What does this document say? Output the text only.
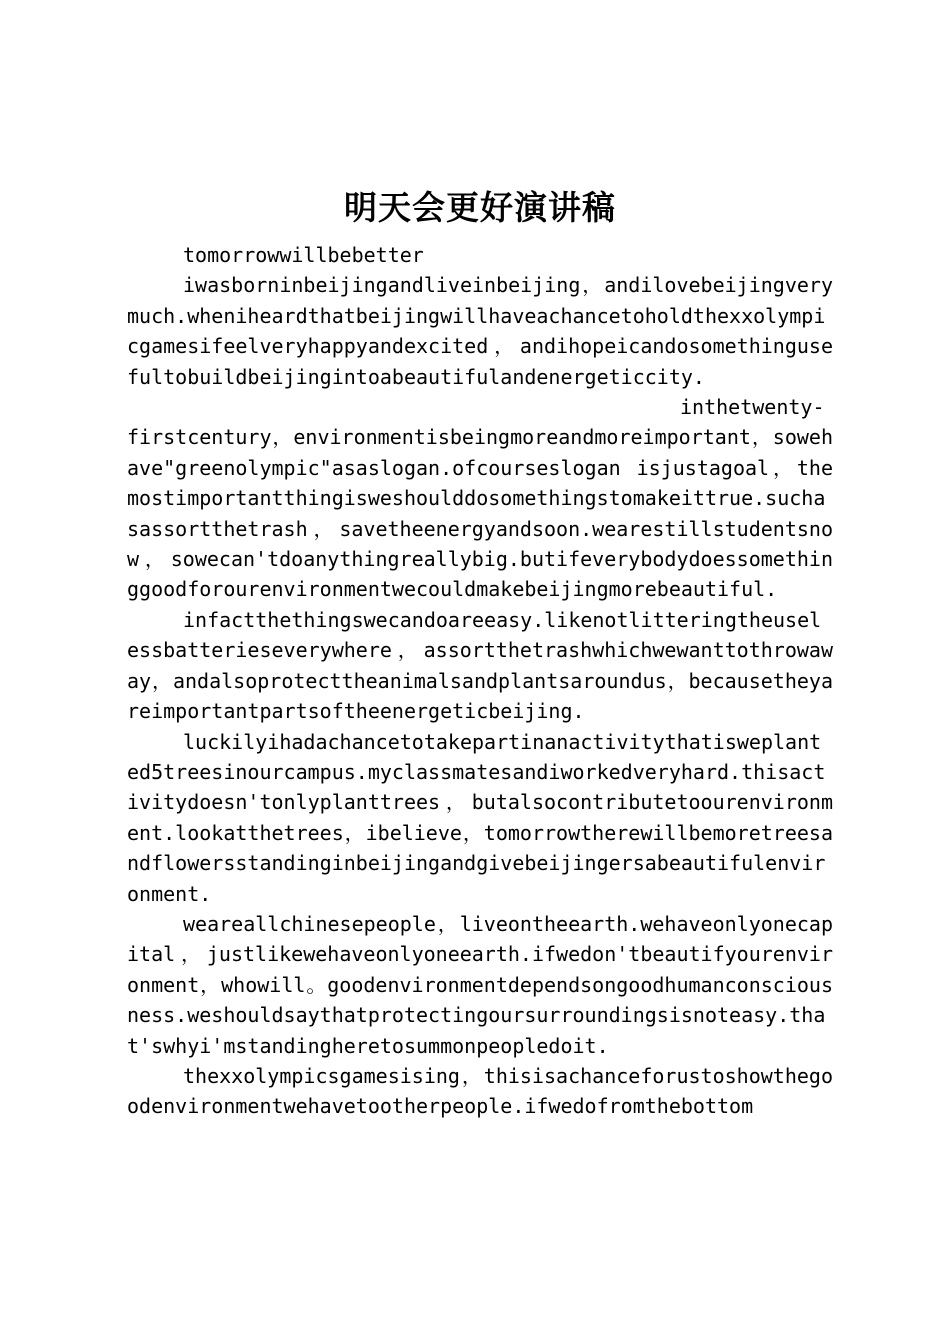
明天会更好演讲稿

tomorrowwillbebetter

iwasborninbeijingandliveinbeijing，andilovebeijingverymuch.wheniheardthatbeijingwillhaveachancetoholdthexxolympicgamesifeelveryhappyandexcited，andihopeicandosomethingusefultobuildbeijingintoabeautifulandenergeticcity.

inthetwenty-firstcentury，environmentisbeingmoreandmoreimportant，sowehave"greenolympic"asaslogan.ofcourseslogan isjustagoal，themostimportantthingisweshoulddosomethingstomakeittrue.suchasassortthetrash，savetheenergyandsoon.wearestillstudentsnow，sowecan'tdoanythingreallybig.butifeverybodydoessomethinggoodforourenvironmentwecouldmakebeijingmorebeautiful.

infactthethingswecandoareeasy.likenotlitteringtheuselessbatterieseverywhere，assortthetrashwhichwewanttothrowaway，andalsoprotecttheanimalsandplantsaroundus，becausetheyareimportantpartsoftheenergeticbeijing.

luckilyihadachancetotakepartinanactivitythatisweplanted5treesinourcampus.myclassmatesandiworkedveryhard.thisactivitydoesn'tonlyplanttrees，butalsocontributetoourenvironment.lookatthetrees，ibelieve，tomorrowtherewillbemoretreesandflowersstandinginbeijingandgivebeijingersabeautifulenvironment.

weareallchinesepeople，liveontheearth.wehaveonlyonecapital，justlikewehaveonlyoneearth.ifwedon'tbeautifyourenvironment，whowill。goodenvironmentdependsongoodhumanconsciousness.weshouldsaythatprotectingoursurroundingsisnoteasy.that'swhyi'mstandingheretosummonpeopledoit.

thexxolympicsgamesising，thisisachanceforustoshowthegoodenvironmentwehavetootherpeople.ifwedofromthebottom
